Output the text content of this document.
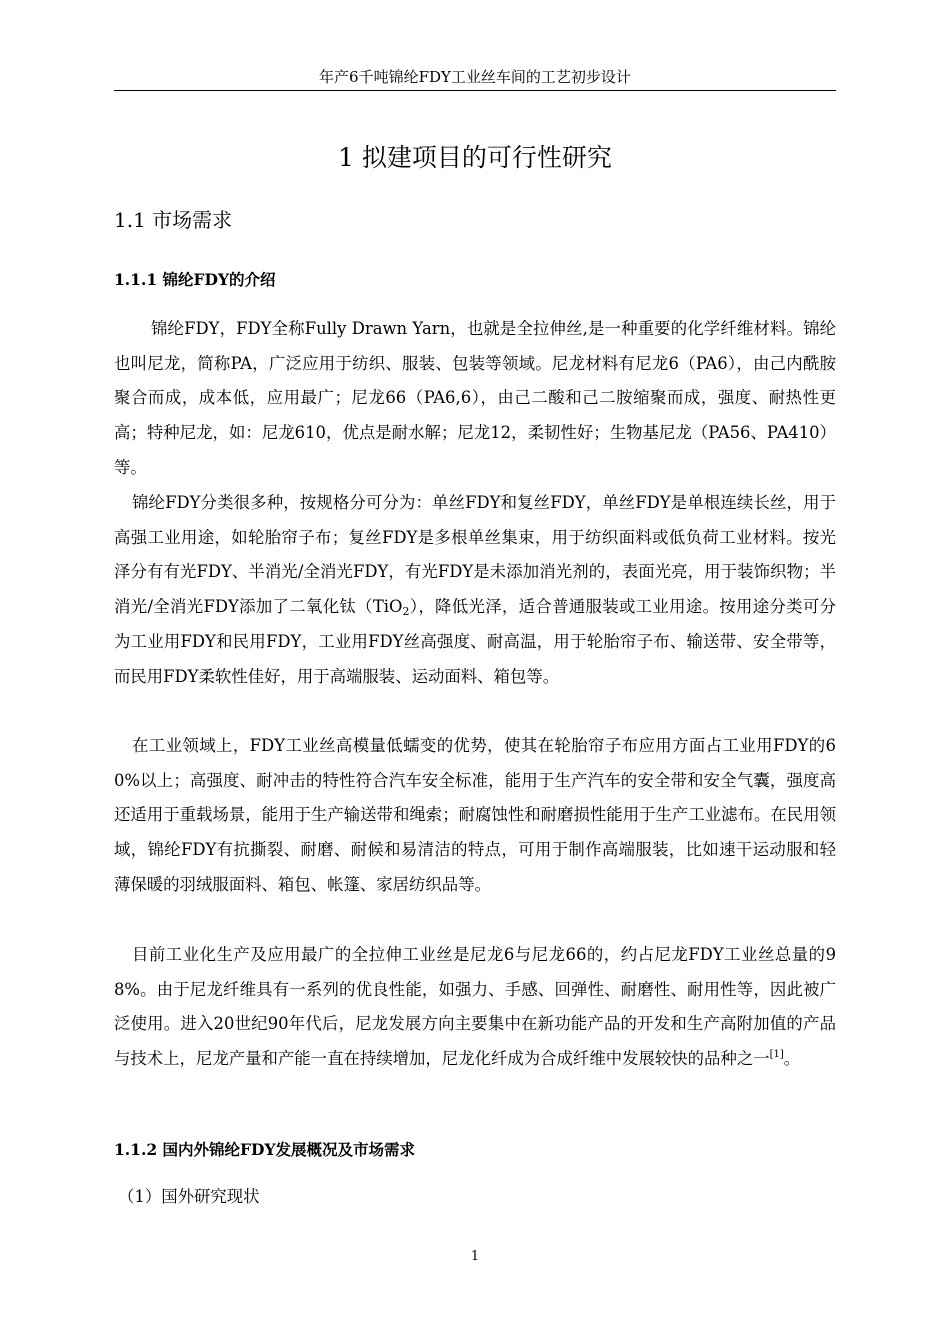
年产6千吨锦纶FDY工业丝车间的工艺初步设计
1 拟建项目的可行性研究
1.1 市场需求
1.1.1 锦纶FDY的介绍

锦纶FDY，FDY全称Fully Drawn Yarn，也就是全拉伸丝,是一种重要的化学纤维材料。锦纶也叫尼龙，简称PA，广泛应用于纺织、服装、包装等领域。尼龙材料有尼龙6（PA6），由己内酰胺聚合而成，成本低，应用最广；尼龙66（PA6,6），由己二酸和己二胺缩聚而成，强度、耐热性更高；特种尼龙，如：尼龙610，优点是耐水解；尼龙12，柔韧性好；生物基尼龙（PA56、PA410）等。

锦纶FDY分类很多种，按规格分可分为：单丝FDY和复丝FDY，单丝FDY是单根连续长丝，用于高强工业用途，如轮胎帘子布；复丝FDY是多根单丝集束，用于纺织面料或低负荷工业材料。按光泽分有有光FDY、半消光/全消光FDY，有光FDY是未添加消光剂的，表面光亮，用于装饰织物；半消光/全消光FDY添加了二氧化钛（TiO$_2$），降低光泽，适合普通服装或工业用途。按用途分类可分为工业用FDY和民用FDY，工业用FDY丝高强度、耐高温，用于轮胎帘子布、输送带、安全带等，而民用FDY柔软性佳好，用于高端服装、运动面料、箱包等。

在工业领域上，FDY工业丝高模量低蠕变的优势，使其在轮胎帘子布应用方面占工业用FDY的60%以上；高强度、耐冲击的特性符合汽车安全标准，能用于生产汽车的安全带和安全气囊，强度高还适用于重载场景，能用于生产输送带和绳索；耐腐蚀性和耐磨损性能用于生产工业滤布。在民用领域，锦纶FDY有抗撕裂、耐磨、耐候和易清洁的特点，可用于制作高端服装，比如速干运动服和轻薄保暖的羽绒服面料、箱包、帐篷、家居纺织品等。

目前工业化生产及应用最广的全拉伸工业丝是尼龙6与尼龙66的，约占尼龙FDY工业丝总量的98%。由于尼龙纤维具有一系列的优良性能，如强力、手感、回弹性、耐磨性、耐用性等，因此被广泛使用。进入20世纪90年代后，尼龙发展方向主要集中在新功能产品的开发和生产高附加值的产品与技术上，尼龙产量和产能一直在持续增加，尼龙化纤成为合成纤维中发展较快的品种之一[1]。

1.1.2 国内外锦纶FDY发展概况及市场需求

（1）国外研究现状

1
